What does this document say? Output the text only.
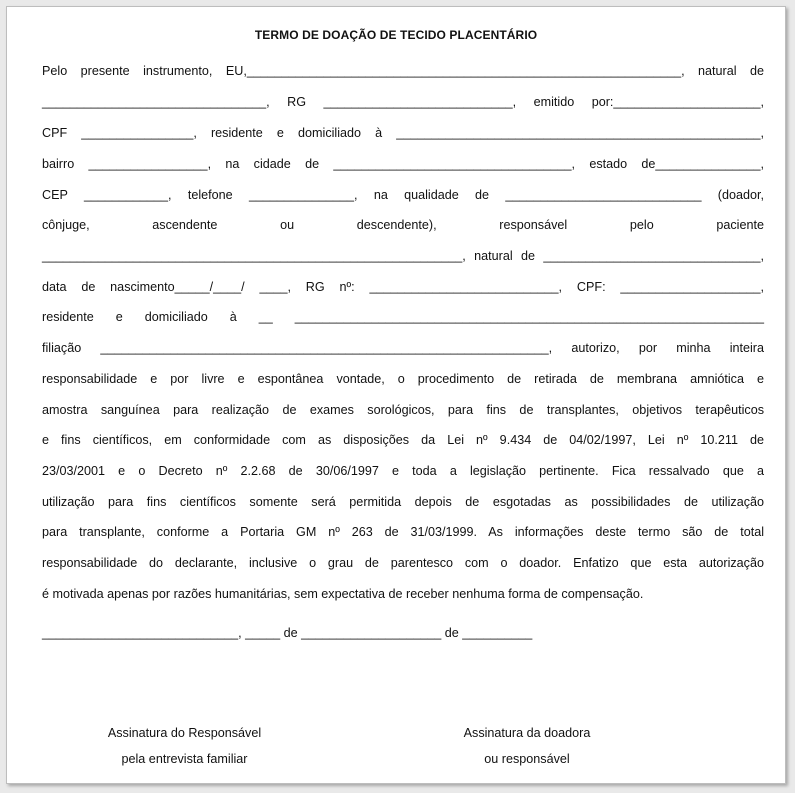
TERMO DE DOAÇÃO DE TECIDO PLACENTÁRIO
Pelo presente instrumento, EU,______________________________________________________________, natural de
________________________________, RG ___________________________, emitido por:_____________________,
CPF ________________, residente e domiciliado à ____________________________________________________,
bairro _________________, na cidade de __________________________________, estado de_______________,
CEP ____________, telefone _______________, na qualidade de ____________________________ (doador,
cônjuge, ascendente ou descendente), responsável pelo paciente
____________________________________________________________, natural de _______________________________,
data de nascimento_____/____/ ____, RG nº: ___________________________, CPF: ____________________,
residente e domiciliado à __ ___________________________________________________________________
filiação ________________________________________________________________, autorizo, por minha inteira
responsabilidade e por livre e espontânea vontade, o procedimento de retirada de membrana amniótica e
amostra sanguínea para realização de exames sorológicos, para fins de transplantes, objetivos terapêuticos
e fins científicos, em conformidade com as disposições da Lei nº 9.434 de 04/02/1997, Lei nº 10.211 de
23/03/2001 e o Decreto nº 2.2.68 de 30/06/1997 e toda a legislação pertinente. Fica ressalvado que a
utilização para fins científicos somente será permitida depois de esgotadas as possibilidades de utilização
para transplante, conforme a Portaria GM nº 263 de 31/03/1999. As informações deste termo são de total
responsabilidade do declarante, inclusive o grau de parentesco com o doador. Enfatizo que esta autorização
é motivada apenas por razões humanitárias, sem expectativa de receber nenhuma forma de compensação.
____________________________, _____ de ____________________ de __________
Assinatura do Responsável
pela entrevista familiar
Assinatura da doadora
ou responsável
